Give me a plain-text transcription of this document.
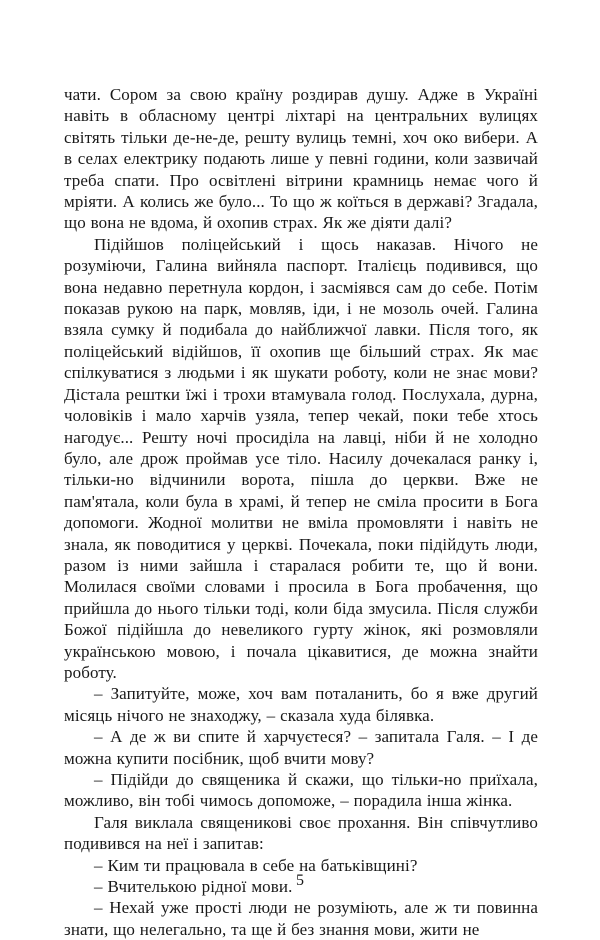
чати. Сором за свою країну роздирав душу. Адже в Україні навіть в обласному центрі ліхтарі на центральних вулицях світять тільки де-не-де, решту вулиць темні, хоч око вибери. А в селах електрику подають лише у певні години, коли зазвичай треба спати. Про освітлені вітрини крамниць немає чого й мріяти. А колись же було... То що ж коїться в державі? Згадала, що вона не вдома, й охопив страх. Як же діяти далі?

Підійшов поліцейський і щось наказав. Нічого не розуміючи, Галина вийняла паспорт. Італієць подивився, що вона недавно перетнула кордон, і засміявся сам до себе. Потім показав рукою на парк, мовляв, іди, і не мозоль очей. Галина взяла сумку й подибала до найближчої лавки. Після того, як поліцейський відійшов, її охопив ще більший страх. Як має спілкуватися з людьми і як шукати роботу, коли не знає мови? Дістала рештки їжі і трохи втамувала голод. Послухала, дурна, чоловіків і мало харчів узяла, тепер чекай, поки тебе хтось нагодує... Решту ночі просиділа на лавці, ніби й не холодно було, але дрож проймав усе тіло. Насилу дочекалася ранку і, тільки-но відчинили ворота, пішла до церкви. Вже не пам'ятала, коли була в храмі, й тепер не сміла просити в Бога допомоги. Жодної молитви не вміла промовляти і навіть не знала, як поводитися у церкві. Почекала, поки підійдуть люди, разом із ними зайшла і старалася робити те, що й вони. Молилася своїми словами і просила в Бога пробачення, що прийшла до нього тільки тоді, коли біда змусила. Після служби Божої підійшла до невеликого гурту жінок, які розмовляли українською мовою, і почала цікавитися, де можна знайти роботу.

– Запитуйте, може, хоч вам поталанить, бо я вже другий місяць нічого не знаходжу, – сказала худа білявка.

– А де ж ви спите й харчуєтеся? – запитала Галя. – І де можна купити посібник, щоб вчити мову?

– Підійди до священика й скажи, що тільки-но приїхала, можливо, він тобі чимось допоможе, – порадила інша жінка.

Галя виклала священикові своє прохання. Він співчутливо подивився на неї і запитав:

– Ким ти працювала в себе на батьківщині?

– Вчителькою рідної мови.

– Нехай уже прості люди не розуміють, але ж ти повинна знати, що нелегально, та ще й без знання мови, жити не

5
